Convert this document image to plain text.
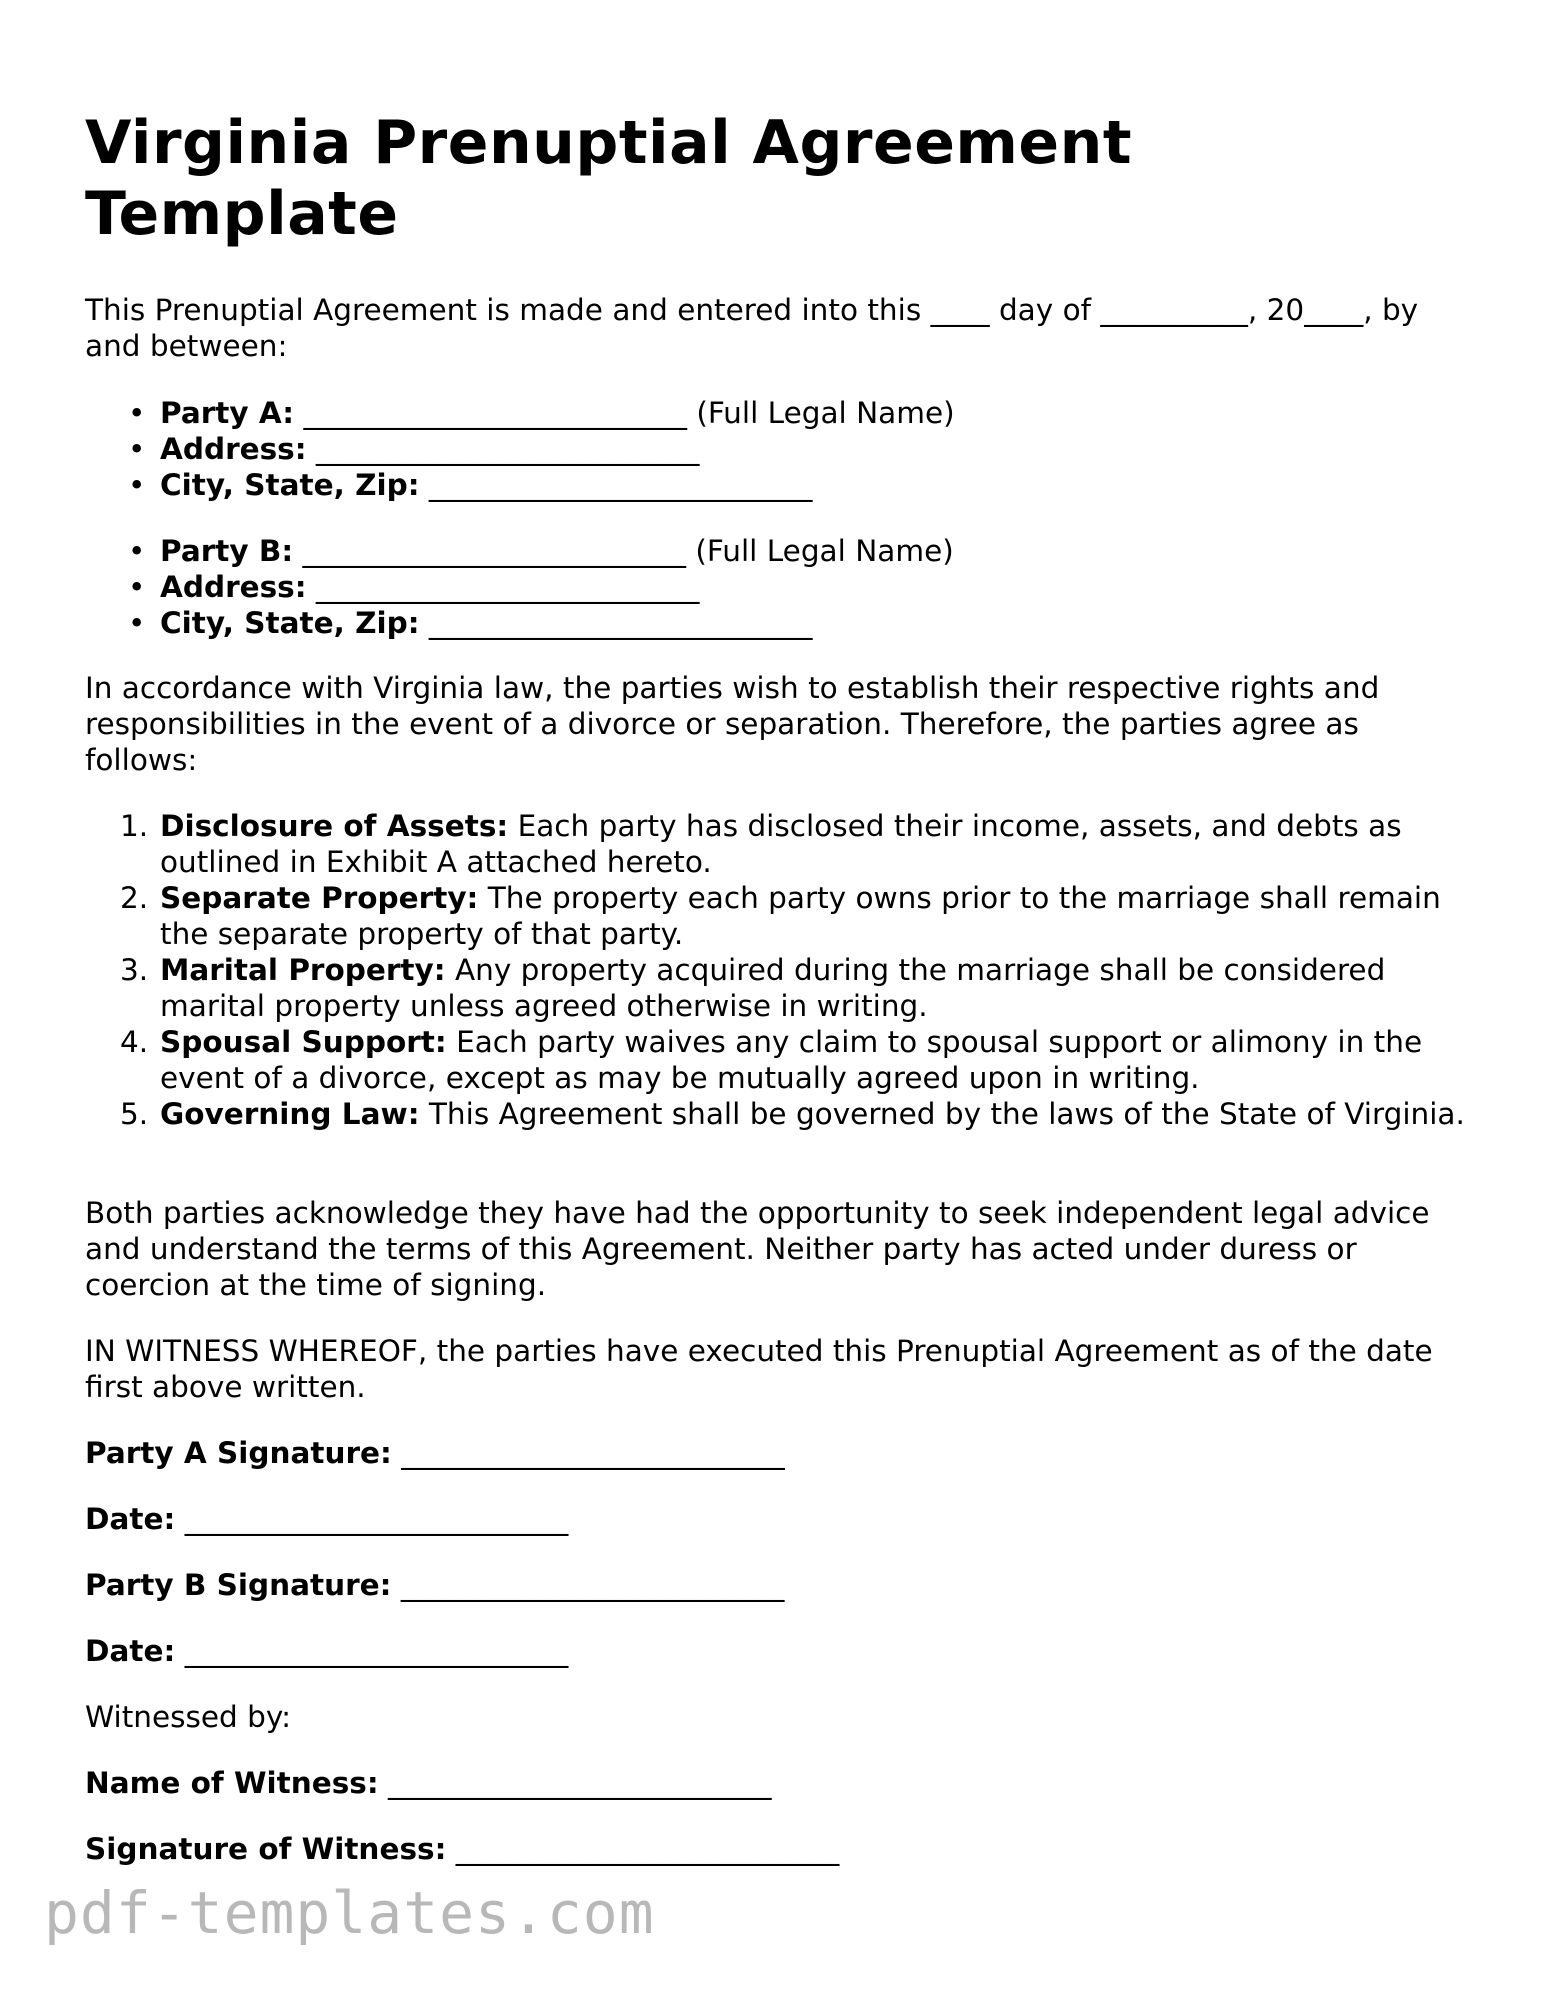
Virginia Prenuptial Agreement Template

This Prenuptial Agreement is made and entered into this ____ day of __________, 20____, by and between:

• Party A: __________________________ (Full Legal Name)
• Address: __________________________
• City, State, Zip: __________________________
• Party B: __________________________ (Full Legal Name)
• Address: __________________________
• City, State, Zip: __________________________

In accordance with Virginia law, the parties wish to establish their respective rights and responsibilities in the event of a divorce or separation. Therefore, the parties agree as follows:

1. Disclosure of Assets: Each party has disclosed their income, assets, and debts as outlined in Exhibit A attached hereto.
2. Separate Property: The property each party owns prior to the marriage shall remain the separate property of that party.
3. Marital Property: Any property acquired during the marriage shall be considered marital property unless agreed otherwise in writing.
4. Spousal Support: Each party waives any claim to spousal support or alimony in the event of a divorce, except as may be mutually agreed upon in writing.
5. Governing Law: This Agreement shall be governed by the laws of the State of Virginia.

Both parties acknowledge they have had the opportunity to seek independent legal advice and understand the terms of this Agreement. Neither party has acted under duress or coercion at the time of signing.

IN WITNESS WHEREOF, the parties have executed this Prenuptial Agreement as of the date first above written.

Party A Signature: __________________________

Date: __________________________

Party B Signature: __________________________

Date: __________________________

Witnessed by:

Name of Witness: __________________________

Signature of Witness: __________________________

pdf-templates.com
